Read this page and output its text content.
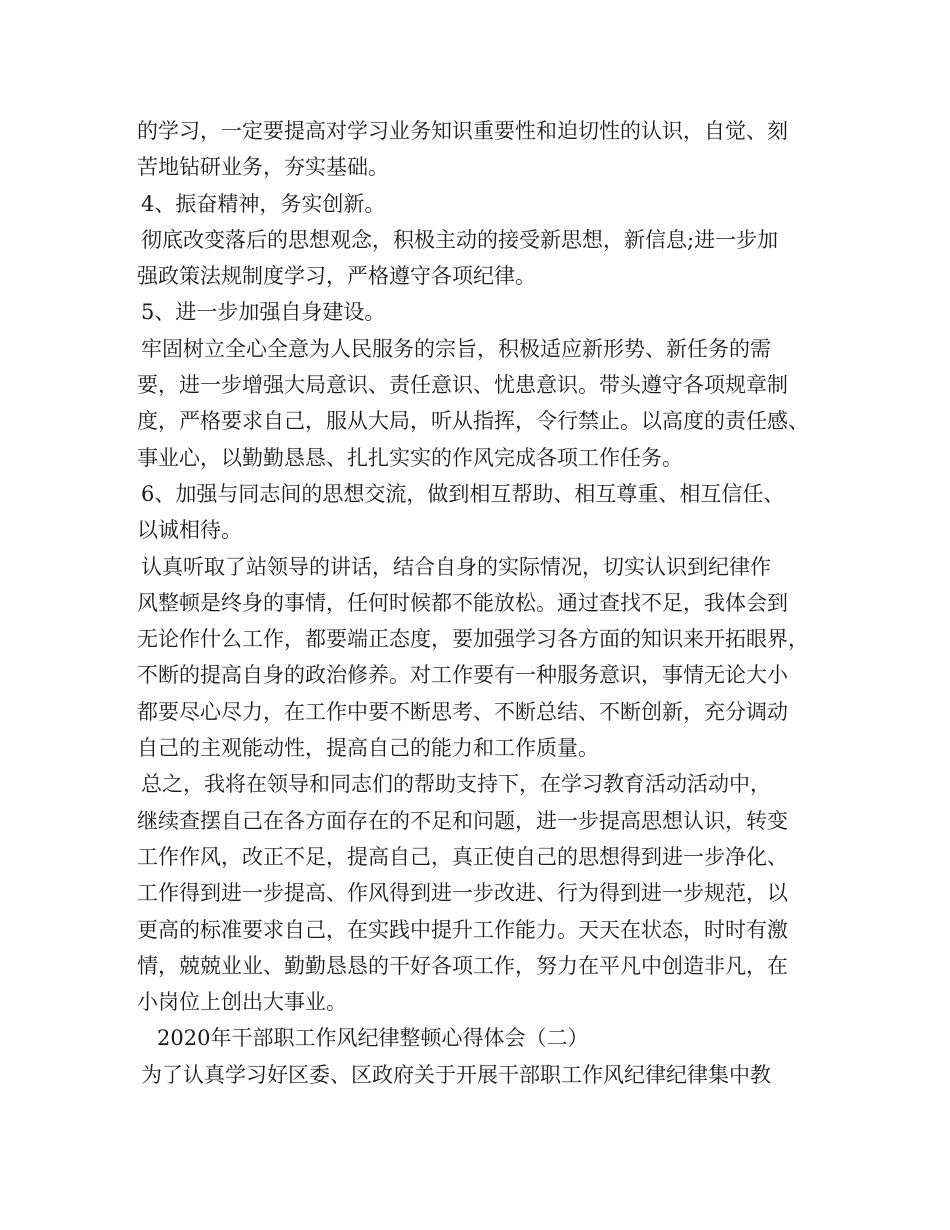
的学习，一定要提高对学习业务知识重要性和迫切性的认识，自觉、刻
苦地钻研业务，夯实基础。
4、振奋精神，务实创新。
彻底改变落后的思想观念，积极主动的接受新思想，新信息;进一步加
强政策法规制度学习，严格遵守各项纪律。
5、进一步加强自身建设。
牢固树立全心全意为人民服务的宗旨，积极适应新形势、新任务的需
要，进一步增强大局意识、责任意识、忧患意识。带头遵守各项规章制
度，严格要求自己，服从大局，听从指挥，令行禁止。以高度的责任感、
事业心，以勤勤恳恳、扎扎实实的作风完成各项工作任务。
6、加强与同志间的思想交流，做到相互帮助、相互尊重、相互信任、
以诚相待。
认真听取了站领导的讲话，结合自身的实际情况，切实认识到纪律作
风整顿是终身的事情，任何时候都不能放松。通过查找不足，我体会到
无论作什么工作，都要端正态度，要加强学习各方面的知识来开拓眼界，
不断的提高自身的政治修养。对工作要有一种服务意识，事情无论大小
都要尽心尽力，在工作中要不断思考、不断总结、不断创新，充分调动
自己的主观能动性，提高自己的能力和工作质量。
总之，我将在领导和同志们的帮助支持下，在学习教育活动活动中，
继续查摆自己在各方面存在的不足和问题，进一步提高思想认识，转变
工作作风，改正不足，提高自己，真正使自己的思想得到进一步净化、
工作得到进一步提高、作风得到进一步改进、行为得到进一步规范，以
更高的标准要求自己，在实践中提升工作能力。天天在状态，时时有激
情，兢兢业业、勤勤恳恳的干好各项工作，努力在平凡中创造非凡，在
小岗位上创出大事业。
2020年干部职工作风纪律整顿心得体会（二）
为了认真学习好区委、区政府关于开展干部职工作风纪律纪律集中教
